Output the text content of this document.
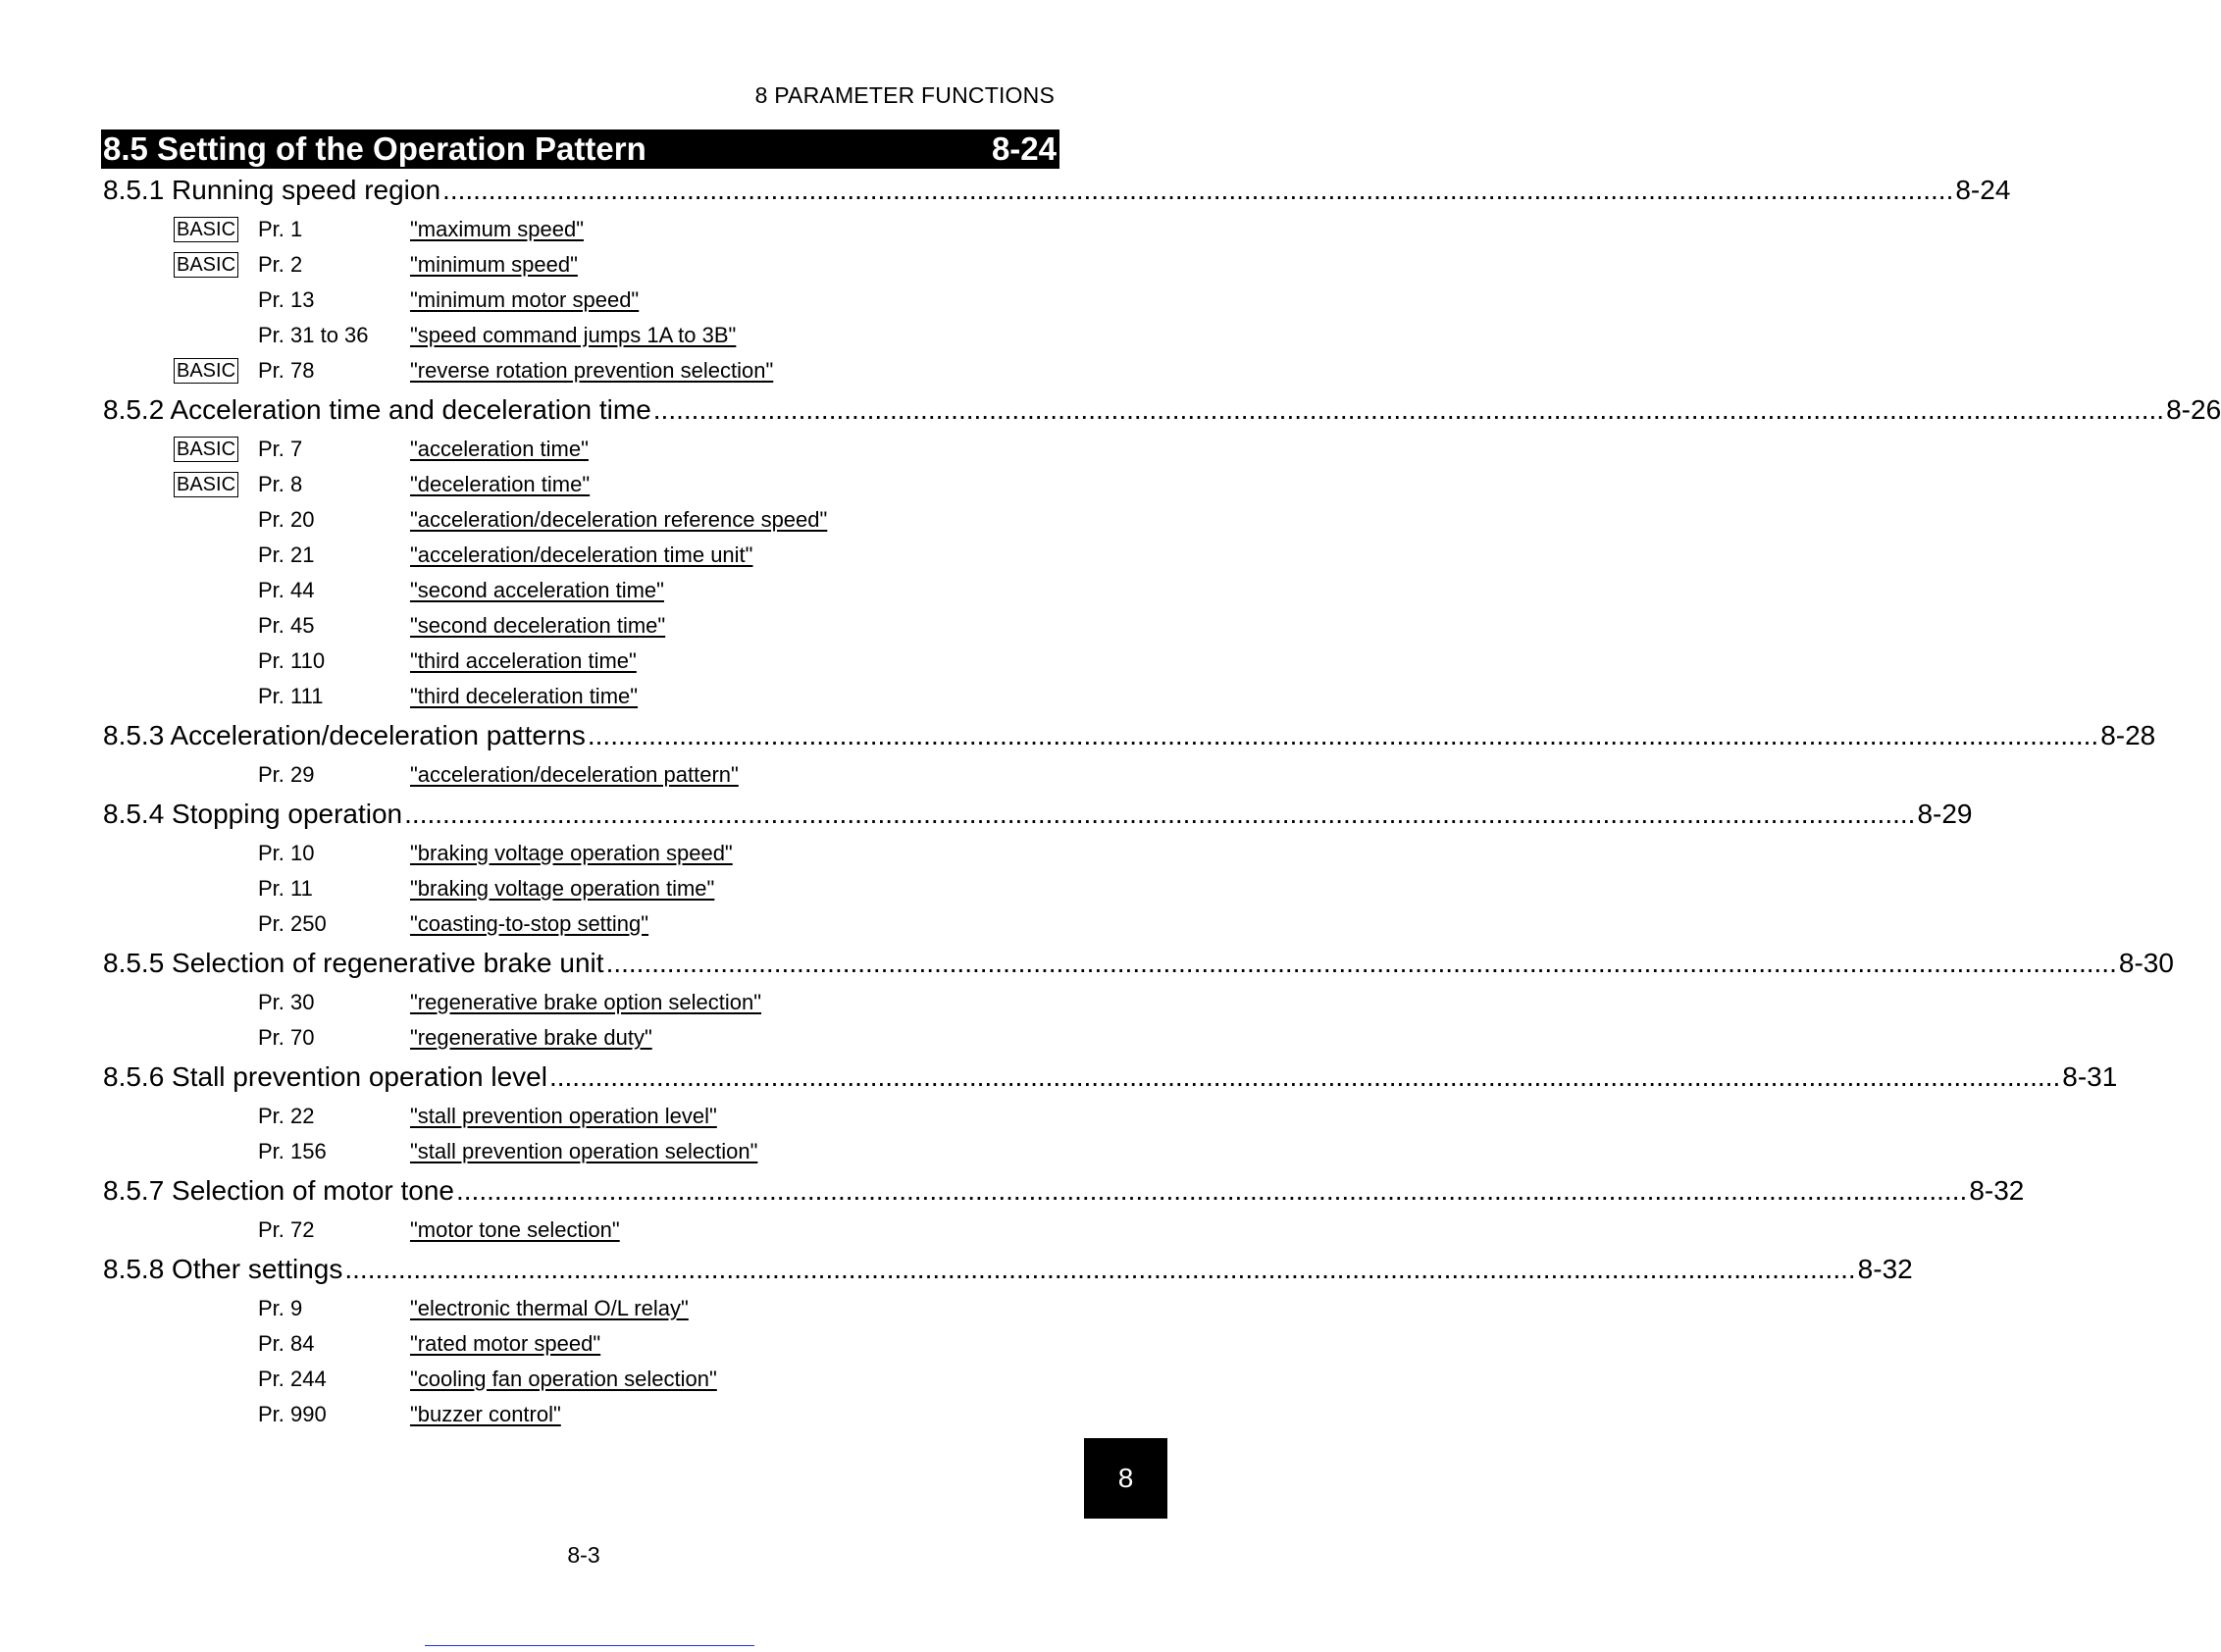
8 PARAMETER FUNCTIONS
8.5 Setting of the Operation Pattern	8-24
8.5.1 Running speed region ...................................................................................................................................................................................................... 8-24
BASIC Pr. 1	"maximum speed"
BASIC Pr. 2	"minimum speed"
Pr. 13	"minimum motor speed"
Pr. 31 to 36 "speed command jumps 1A to 3B"
BASIC Pr. 78	"reverse rotation prevention selection"
8.5.2 Acceleration time and deceleration time ...................................................................................................................................................................................................... 8-26
BASIC Pr. 7	"acceleration time"
BASIC Pr. 8	"deceleration time"
Pr. 20	"acceleration/deceleration reference speed"
Pr. 21	"acceleration/deceleration time unit"
Pr. 44	"second acceleration time"
Pr. 45	"second deceleration time"
Pr. 110	"third acceleration time"
Pr. 111	"third deceleration time"
8.5.3 Acceleration/deceleration patterns ...................................................................................................................................................................................................... 8-28
Pr. 29	"acceleration/deceleration pattern"
8.5.4 Stopping operation ...................................................................................................................................................................................................... 8-29
Pr. 10	"braking voltage operation speed"
Pr. 11	"braking voltage operation time"
Pr. 250	"coasting-to-stop setting"
8.5.5 Selection of regenerative brake unit ...................................................................................................................................................................................................... 8-30
Pr. 30	"regenerative brake option selection"
Pr. 70	"regenerative brake duty"
8.5.6 Stall prevention operation level ...................................................................................................................................................................................................... 8-31
Pr. 22	"stall prevention operation level"
Pr. 156	"stall prevention operation selection"
8.5.7 Selection of motor tone ...................................................................................................................................................................................................... 8-32
Pr. 72	"motor tone selection"
8.5.8 Other settings ...................................................................................................................................................................................................... 8-32
Pr. 9	"electronic thermal O/L relay"
Pr. 84	"rated motor speed"
Pr. 244	"cooling fan operation selection"
Pr. 990	"buzzer control"
8
8-3
